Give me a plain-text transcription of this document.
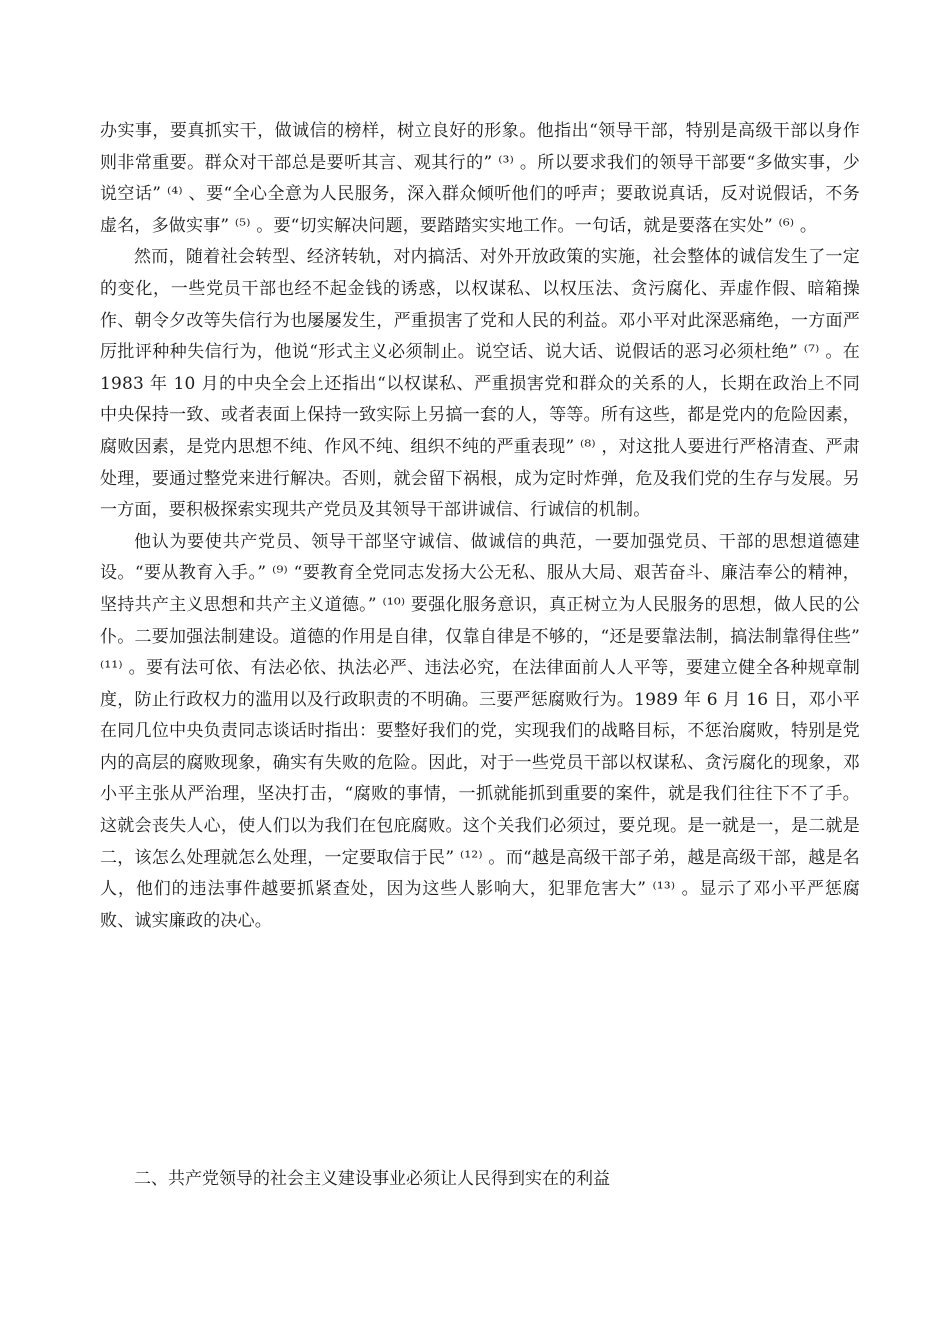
办实事，要真抓实干，做诚信的榜样，树立良好的形象。他指出“领导干部，特别是高级干部以身作则非常重要。群众对干部总是要听其言、观其行的” ⁽³⁾ 。所以要求我们的领导干部要“多做实事，少说空话” ⁽⁴⁾ 、要“全心全意为人民服务，深入群众倾听他们的呼声；要敢说真话，反对说假话，不务虚名，多做实事” ⁽⁵⁾ 。要“切实解决问题，要踏踏实实地工作。一句话，就是要落在实处” ⁽⁶⁾ 。

然而，随着社会转型、经济转轨，对内搞活、对外开放政策的实施，社会整体的诚信发生了一定的变化，一些党员干部也经不起金钱的诱惑，以权谋私、以权压法、贪污腐化、弄虚作假、暗箱操作、朝令夕改等失信行为也屡屡发生，严重损害了党和人民的利益。邓小平对此深恶痛绝，一方面严厉批评种种失信行为，他说“形式主义必须制止。说空话、说大话、说假话的恶习必须杜绝” ⁽⁷⁾ 。在 1983 年 10 月的中央全会上还指出“以权谋私、严重损害党和群众的关系的人，长期在政治上不同中央保持一致、或者表面上保持一致实际上另搞一套的人，等等。所有这些，都是党内的危险因素，腐败因素，是党内思想不纯、作风不纯、组织不纯的严重表现” ⁽⁸⁾ ，对这批人要进行严格清查、严肃处理，要通过整党来进行解决。否则，就会留下祸根，成为定时炸弹，危及我们党的生存与发展。另一方面，要积极探索实现共产党员及其领导干部讲诚信、行诚信的机制。

他认为要使共产党员、领导干部坚守诚信、做诚信的典范，一要加强党员、干部的思想道德建设。“要从教育入手。” ⁽⁹⁾ “要教育全党同志发扬大公无私、服从大局、艰苦奋斗、廉洁奉公的精神，坚持共产主义思想和共产主义道德。” ⁽¹⁰⁾ 要强化服务意识，真正树立为人民服务的思想，做人民的公仆。二要加强法制建设。道德的作用是自律，仅靠自律是不够的，“还是要靠法制，搞法制靠得住些” ⁽¹¹⁾ 。要有法可依、有法必依、执法必严、违法必究，在法律面前人人平等，要建立健全各种规章制度，防止行政权力的滥用以及行政职责的不明确。三要严惩腐败行为。1989 年 6 月 16 日，邓小平在同几位中央负责同志谈话时指出：要整好我们的党，实现我们的战略目标，不惩治腐败，特别是党内的高层的腐败现象，确实有失败的危险。因此，对于一些党员干部以权谋私、贪污腐化的现象，邓小平主张从严治理，坚决打击，“腐败的事情，一抓就能抓到重要的案件，就是我们往往下不了手。这就会丧失人心，使人们以为我们在包庇腐败。这个关我们必须过，要兑现。是一就是一，是二就是二，该怎么处理就怎么处理，一定要取信于民” ⁽¹²⁾ 。而“越是高级干部子弟，越是高级干部，越是名人，他们的违法事件越要抓紧查处，因为这些人影响大，犯罪危害大” ⁽¹³⁾ 。显示了邓小平严惩腐败、诚实廉政的决心。

二、共产党领导的社会主义建设事业必须让人民得到实在的利益
